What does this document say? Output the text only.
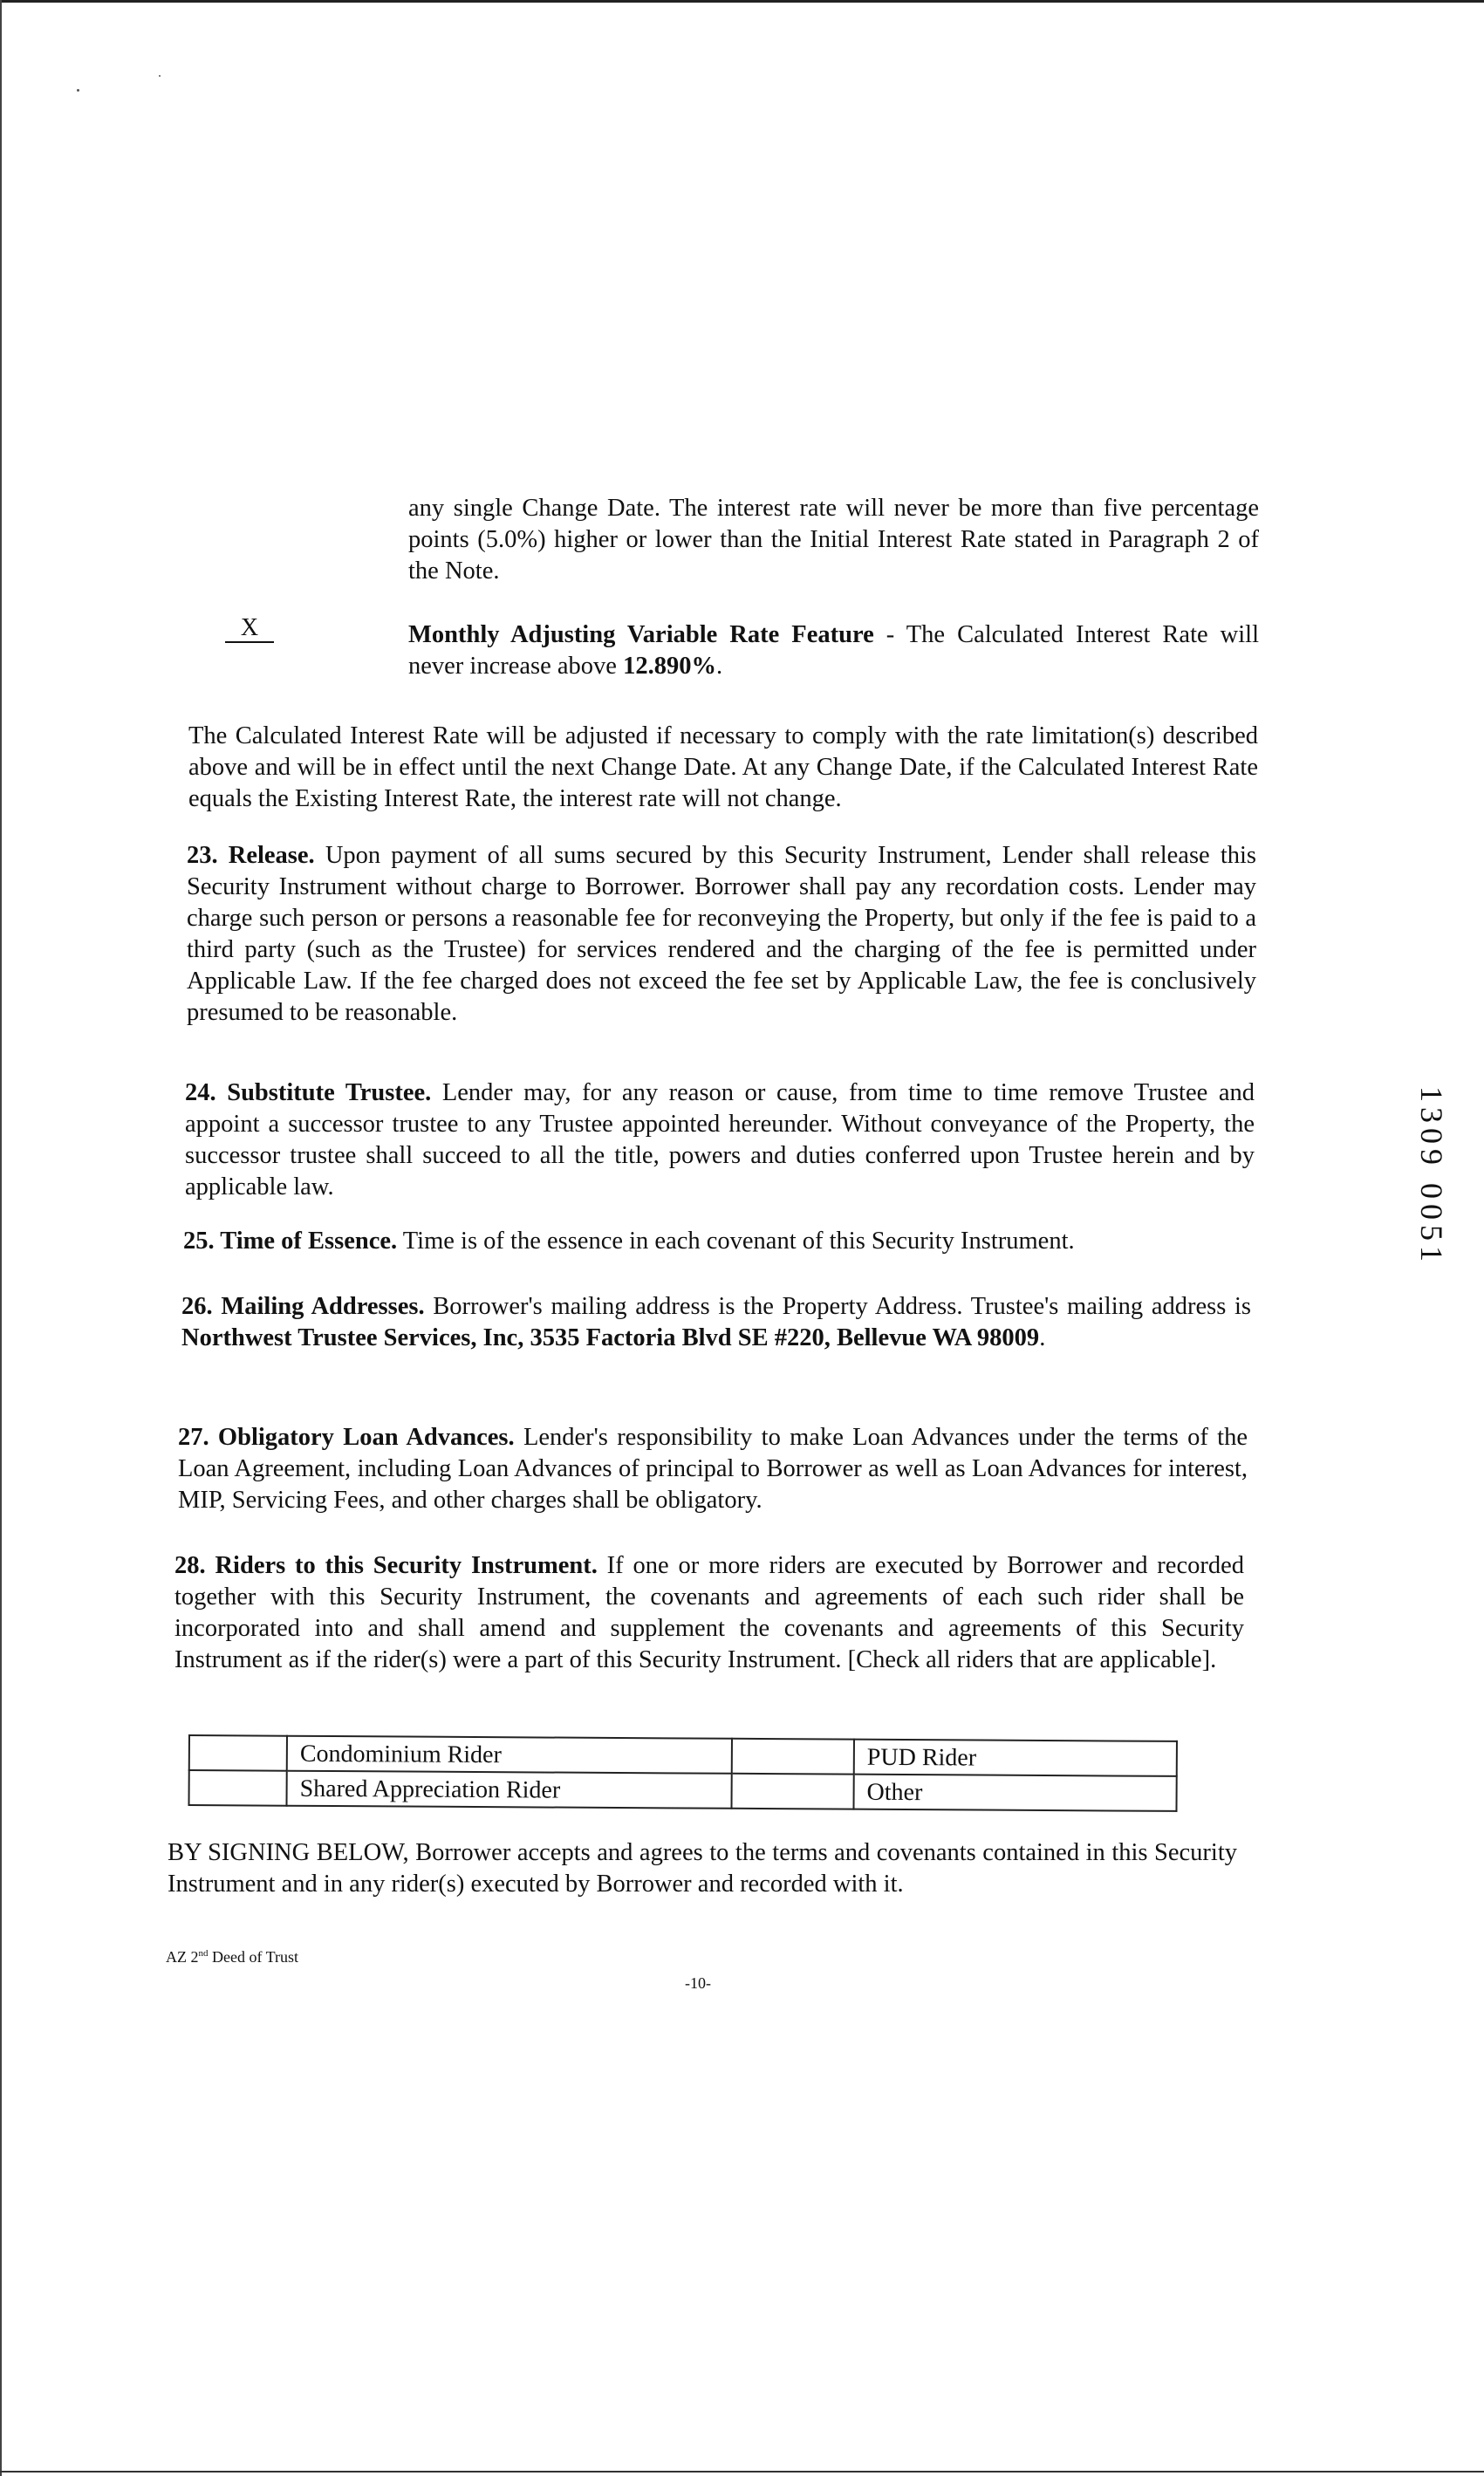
any single Change Date. The interest rate will never be more than five percentage points (5.0%) higher or lower than the Initial Interest Rate stated in Paragraph 2 of the Note.

X	Monthly Adjusting Variable Rate Feature - The Calculated Interest Rate will never increase above 12.890%.

The Calculated Interest Rate will be adjusted if necessary to comply with the rate limitation(s) described above and will be in effect until the next Change Date. At any Change Date, if the Calculated Interest Rate equals the Existing Interest Rate, the interest rate will not change.

23. Release. Upon payment of all sums secured by this Security Instrument, Lender shall release this Security Instrument without charge to Borrower. Borrower shall pay any recordation costs. Lender may charge such person or persons a reasonable fee for reconveying the Property, but only if the fee is paid to a third party (such as the Trustee) for services rendered and the charging of the fee is permitted under Applicable Law. If the fee charged does not exceed the fee set by Applicable Law, the fee is conclusively presumed to be reasonable.

24. Substitute Trustee. Lender may, for any reason or cause, from time to time remove Trustee and appoint a successor trustee to any Trustee appointed hereunder. Without conveyance of the Property, the successor trustee shall succeed to all the title, powers and duties conferred upon Trustee herein and by applicable law.

25. Time of Essence. Time is of the essence in each covenant of this Security Instrument.

26. Mailing Addresses. Borrower's mailing address is the Property Address. Trustee's mailing address is Northwest Trustee Services, Inc, 3535 Factoria Blvd SE #220, Bellevue WA 98009.

27. Obligatory Loan Advances. Lender's responsibility to make Loan Advances under the terms of the Loan Agreement, including Loan Advances of principal to Borrower as well as Loan Advances for interest, MIP, Servicing Fees, and other charges shall be obligatory.

28. Riders to this Security Instrument. If one or more riders are executed by Borrower and recorded together with this Security Instrument, the covenants and agreements of each such rider shall be incorporated into and shall amend and supplement the covenants and agreements of this Security Instrument as if the rider(s) were a part of this Security Instrument. [Check all riders that are applicable].

	Condominium Rider		PUD Rider
	Shared Appreciation Rider		Other

BY SIGNING BELOW, Borrower accepts and agrees to the terms and covenants contained in this Security Instrument and in any rider(s) executed by Borrower and recorded with it.

AZ 2nd Deed of Trust
-10-
1309 0051
